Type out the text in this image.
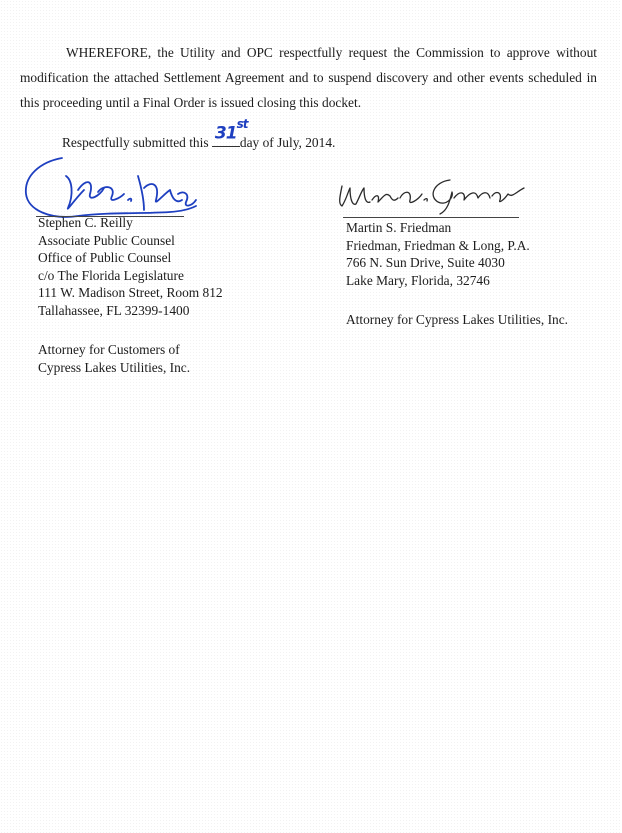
WHEREFORE, the Utility and OPC respectfully request the Commission to approve without modification the attached Settlement Agreement and to suspend discovery and other events scheduled in this proceeding until a Final Order is issued closing this docket.

Respectfully submitted this 31st
day of July, 2014.
Stephen C. Reilly
Associate Public Counsel
Office of Public Counsel
c/o The Florida Legislature
111 W. Madison Street, Room 812
Tallahassee, FL 32399-1400
Attorney for Customers of
Cypress Lakes Utilities, Inc.
Martin S. Friedman
Friedman, Friedman & Long, P.A.
766 N. Sun Drive, Suite 4030
Lake Mary, Florida, 32746
Attorney for Cypress Lakes Utilities, Inc.
